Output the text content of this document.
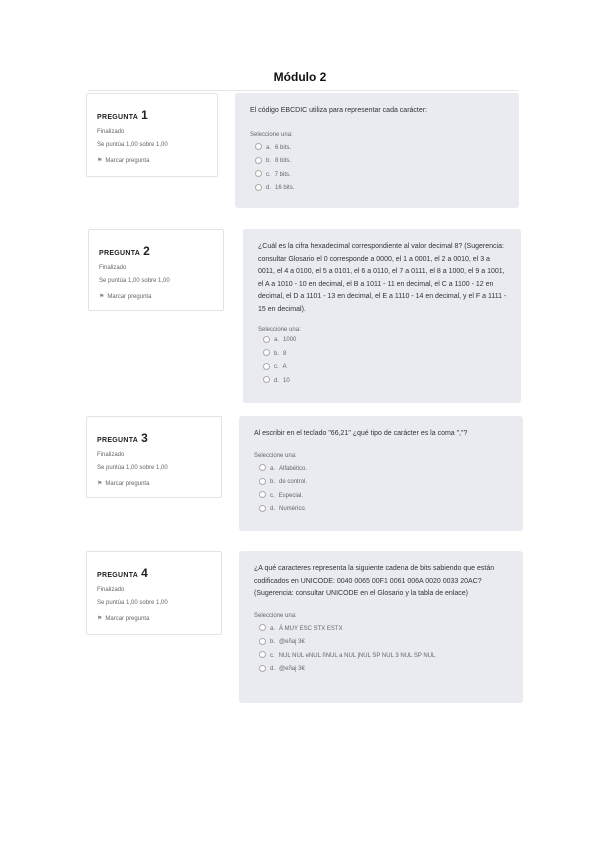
Módulo 2
PREGUNTA 1
Finalizado
Se puntúa 1,00 sobre 1,00
⚑ Marcar pregunta
El código EBCDIC utiliza para representar cada carácter:
Seleccione una:
a. 6 bits.
b. 8 bits.
c. 7 bits.
d. 16 bits.
PREGUNTA 2
Finalizado
Se puntúa 1,00 sobre 1,00
⚑ Marcar pregunta
¿Cuál es la cifra hexadecimal correspondiente al valor decimal 8? (Sugerencia: consultar Glosario el 0 corresponde a 0000, el 1 a 0001, el 2 a 0010, el 3 a 0011, el 4 a 0100, el 5 a 0101, el 6 a 0110, el 7 a 0111, el 8 a 1000, el 9 a 1001, el A a 1010 - 10 en decimal, el B a 1011 - 11 en decimal, el C a 1100 - 12 en decimal, el D a 1101 - 13 en decimal, el E a 1110 - 14 en decimal, y el F a 1111 - 15 en decimal).
Seleccione una:
a. 1000
b. 8
c. A
d. 10
PREGUNTA 3
Finalizado
Se puntúa 1,00 sobre 1,00
⚑ Marcar pregunta
Al escribir en el teclado "66,21" ¿qué tipo de carácter es la coma ","?
Seleccione una:
a. Alfabético.
b. de control.
c. Especial.
d. Numérico.
PREGUNTA 4
Finalizado
Se puntúa 1,00 sobre 1,00
⚑ Marcar pregunta
¿A qué caracteres representa la siguiente cadena de bits sabiendo que están codificados en UNICODE: 0040 0065 00F1 0061 006A 0020 0033 20AC? (Sugerencia: consultar UNICODE en el Glosario y la tabla de enlace)
Seleccione una:
a. Á MUY ESC STX ESTX
b. @eñaj 3€
c. NUL NUL eNUL ñNUL a NUL jNUL SP NUL 3 NUL SP NUL
d. @eñaj 3€
